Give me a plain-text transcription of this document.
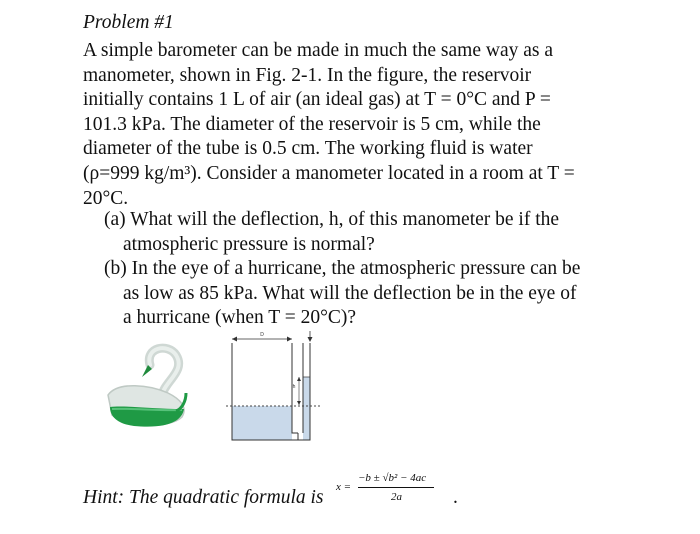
Problem #1
A simple barometer can be made in much the same way as a
manometer, shown in Fig. 2-1. In the figure, the reservoir
initially contains 1 L of air (an ideal gas) at T = 0°C and P =
101.3 kPa. The diameter of the reservoir is 5 cm, while the
diameter of the tube is 0.5 cm. The working fluid is water
(ρ=999 kg/m³). Consider a manometer located in a room at T =
20°C.
(a) What will the deflection, h, of this manometer be if the
atmospheric pressure is normal?
(b) In the eye of a hurricane, the atmospheric pressure can be
as low as 85 kPa. What will the deflection be in the eye of
a hurricane (when T = 20°C)?
D
h
Hint: The quadratic formula is x =
−b ± √b² − 4ac
2a	.
